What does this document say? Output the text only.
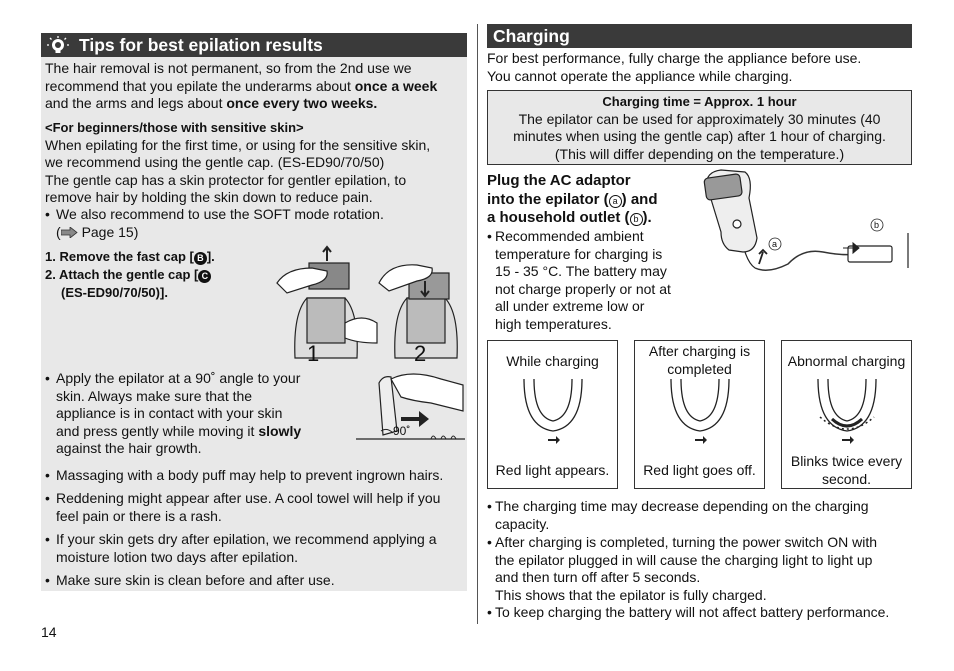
Tips for best epilation results
The hair removal is not permanent, so from the 2nd use we
recommend that you epilate the underarms about once a week
and the arms and legs about once every two weeks.
<For beginners/those with sensitive skin>
When epilating for the first time, or using for the sensitive skin,
we recommend using the gentle cap. (ES-ED90/70/50)
The gentle cap has a skin protector for gentler epilation, to
remove hair by holding the skin down to reduce pain.
• We also recommend to use the SOFT mode rotation.
( Page 15)
1. Remove the fast cap [ B ].
2. Attach the gentle cap [ C
(ES-ED90/70/50)].
1	2
• Apply the epilator at a 90˚ angle to your
skin. Always make sure that the
appliance is in contact with your skin
and press gently while moving it slowly
against the hair growth.
90˚
• Massaging with a body puff may help to prevent ingrown hairs.
• Reddening might appear after use. A cool towel will help if you
feel pain or there is a rash.
• If your skin gets dry after epilation, we recommend applying a
moisture lotion two days after epilation.
• Make sure skin is clean before and after use.
Charging
For best performance, fully charge the appliance before use.
You cannot operate the appliance while charging.
Charging time = Approx. 1 hour
The epilator can be used for approximately 30 minutes (40
minutes when using the gentle cap) after 1 hour of charging.
(This will differ depending on the temperature.)
Plug the AC adaptor
into the epilator ( a ) and
a household outlet ( b ).
• Recommended ambient
temperature for charging is
15 - 35 °C. The battery may
not charge properly or not at
all under extreme low or
high temperatures.
a
b
While charging
Red light appears.
After charging is completed
Red light goes off.
Abnormal charging
Blinks twice every second.
• The charging time may decrease depending on the charging
capacity.
• After charging is completed, turning the power switch ON with
the epilator plugged in will cause the charging light to light up
and then turn off after 5 seconds.
This shows that the epilator is fully charged.
• To keep charging the battery will not affect battery performance.
14
